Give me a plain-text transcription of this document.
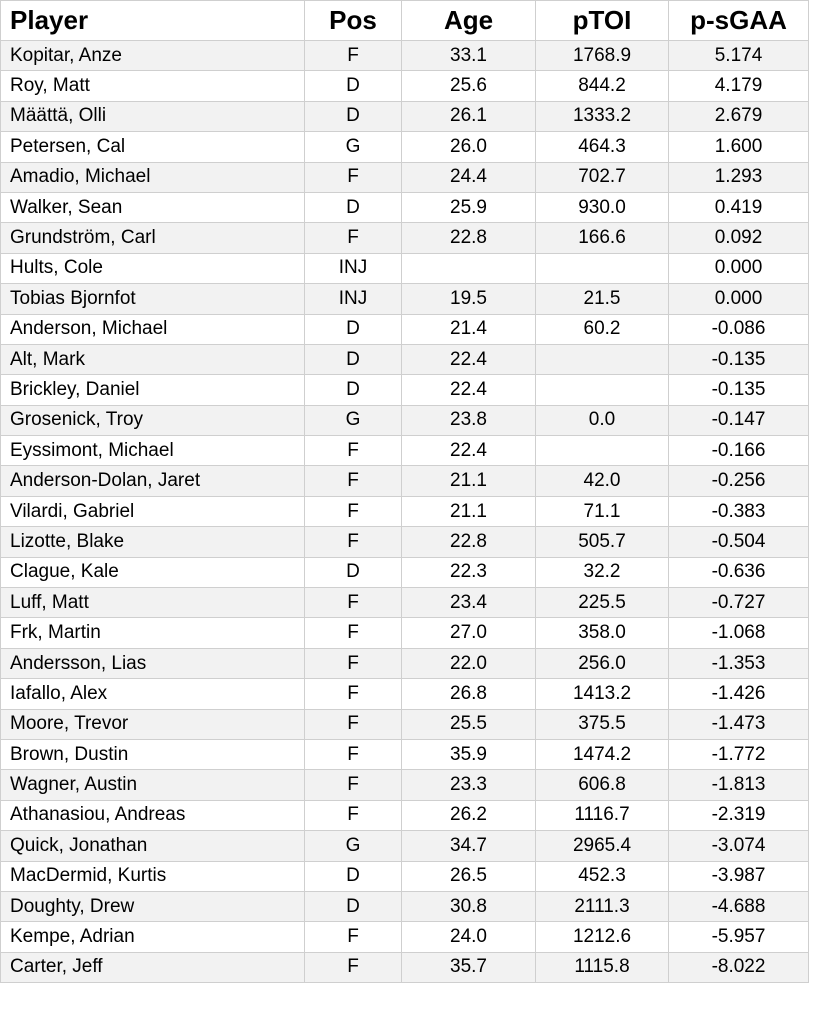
Player	Pos	Age	pTOI	p-sGAA
Kopitar, Anze	F	33.1	1768.9	5.174
Roy, Matt	D	25.6	844.2	4.179
Määttä, Olli	D	26.1	1333.2	2.679
Petersen, Cal	G	26.0	464.3	1.600
Amadio, Michael	F	24.4	702.7	1.293
Walker, Sean	D	25.9	930.0	0.419
Grundström, Carl	F	22.8	166.6	0.092
Hults, Cole	INJ			0.000
Tobias Bjornfot	INJ	19.5	21.5	0.000
Anderson, Michael	D	21.4	60.2	-0.086
Alt, Mark	D	22.4		-0.135
Brickley, Daniel	D	22.4		-0.135
Grosenick, Troy	G	23.8	0.0	-0.147
Eyssimont, Michael	F	22.4		-0.166
Anderson-Dolan, Jaret	F	21.1	42.0	-0.256
Vilardi, Gabriel	F	21.1	71.1	-0.383
Lizotte, Blake	F	22.8	505.7	-0.504
Clague, Kale	D	22.3	32.2	-0.636
Luff, Matt	F	23.4	225.5	-0.727
Frk, Martin	F	27.0	358.0	-1.068
Andersson, Lias	F	22.0	256.0	-1.353
Iafallo, Alex	F	26.8	1413.2	-1.426
Moore, Trevor	F	25.5	375.5	-1.473
Brown, Dustin	F	35.9	1474.2	-1.772
Wagner, Austin	F	23.3	606.8	-1.813
Athanasiou, Andreas	F	26.2	1116.7	-2.319
Quick, Jonathan	G	34.7	2965.4	-3.074
MacDermid, Kurtis	D	26.5	452.3	-3.987
Doughty, Drew	D	30.8	2111.3	-4.688
Kempe, Adrian	F	24.0	1212.6	-5.957
Carter, Jeff	F	35.7	1115.8	-8.022
